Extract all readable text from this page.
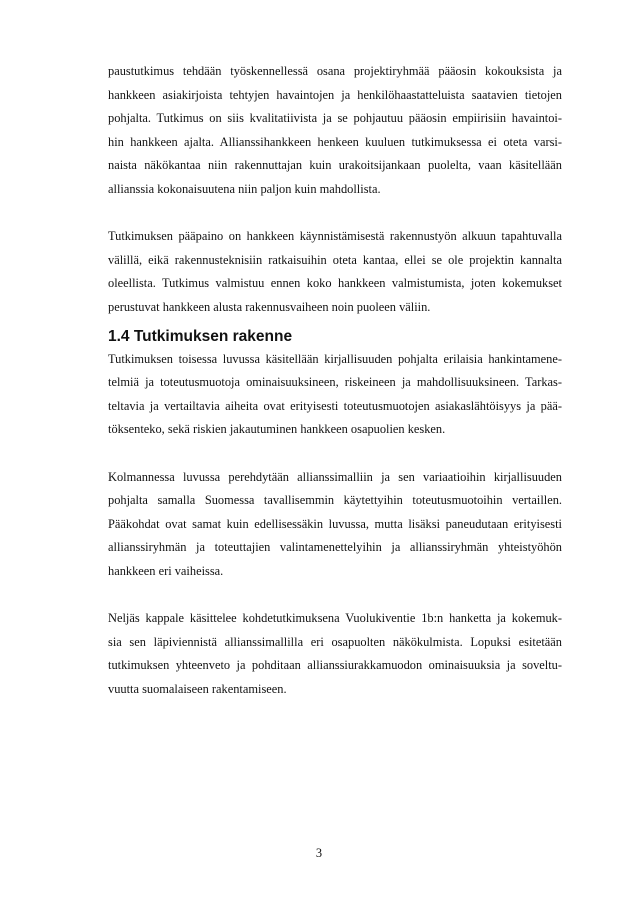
paustutkimus tehdään työskennellessä osana projektiryhmää pääosin kokouksista ja
hankkeen asiakirjoista tehtyjen havaintojen ja henkilöhaastatteluista saatavien tietojen
pohjalta. Tutkimus on siis kvalitatiivista ja se pohjautuu pääosin empiirisiin havaintoi-
hin hankkeen ajalta. Allianssihankkeen henkeen kuuluen tutkimuksessa ei oteta varsi-
naista näkökantaa niin rakennuttajan kuin urakoitsijankaan puolelta, vaan käsitellään
allianssia kokonaisuutena niin paljon kuin mahdollista.
Tutkimuksen pääpaino on hankkeen käynnistämisestä rakennustyön alkuun tapahtuvalla
välillä, eikä rakennusteknisiin ratkaisuihin oteta kantaa, ellei se ole projektin kannalta
oleellista. Tutkimus valmistuu ennen koko hankkeen valmistumista, joten kokemukset
perustuvat hankkeen alusta rakennusvaiheen noin puoleen väliin.
1.4 Tutkimuksen rakenne
Tutkimuksen toisessa luvussa käsitellään kirjallisuuden pohjalta erilaisia hankintamene-
telmiä ja toteutusmuotoja ominaisuuksineen, riskeineen ja mahdollisuuksineen. Tarkas-
teltavia ja vertailtavia aiheita ovat erityisesti toteutusmuotojen asiakaslähtöisyys ja pää-
töksenteko, sekä riskien jakautuminen hankkeen osapuolien kesken.
Kolmannessa luvussa perehdytään allianssimalliin ja sen variaatioihin kirjallisuuden
pohjalta samalla Suomessa tavallisemmin käytettyihin toteutusmuotoihin vertaillen.
Pääkohdat ovat samat kuin edellisessäkin luvussa, mutta lisäksi paneudutaan erityisesti
allianssiryhmän ja toteuttajien valintamenettelyihin ja allianssiryhmän yhteistyöhön
hankkeen eri vaiheissa.
Neljäs kappale käsittelee kohdetutkimuksena Vuolukiventie 1b:n hanketta ja kokemuk-
sia sen läpiviennistä allianssimallilla eri osapuolten näkökulmista. Lopuksi esitetään
tutkimuksen yhteenveto ja pohditaan allianssiurakkamuodon ominaisuuksia ja soveltu-
vuutta suomalaiseen rakentamiseen.
3
